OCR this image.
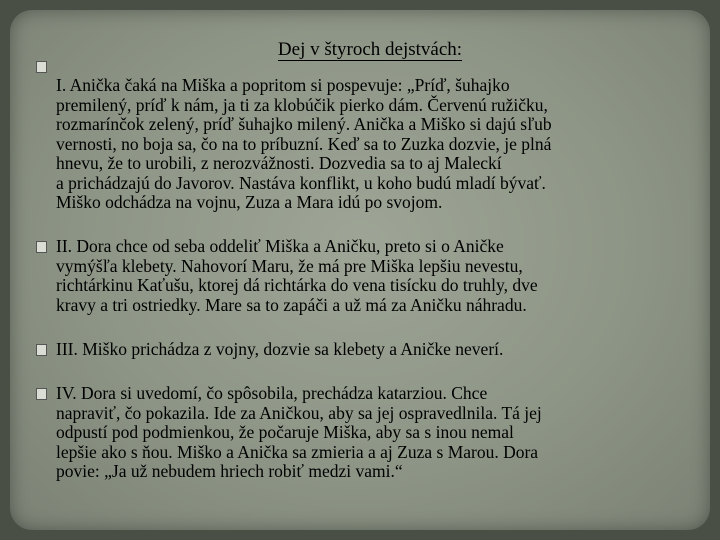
Dej v štyroch dejstvách:
I. Anička čaká na Miška a popritom si pospevuje: „Príď, šuhajko
premilený, príď k nám, ja ti za klobúčik pierko dám. Červenú ružičku,
rozmarínčok zelený, príď šuhajko milený. Anička a Miško si dajú sľub
vernosti, no boja sa, čo na to príbuzní. Keď sa to Zuzka dozvie, je plná
hnevu, že to urobili, z nerozvážnosti. Dozvedia sa to aj Maleckí
a prichádzajú do Javorov. Nastáva konflikt, u koho budú mladí bývať.
Miško odchádza na vojnu, Zuza a Mara idú po svojom.
II. Dora chce od seba oddeliť Miška a Aničku, preto si o Aničke
vymýšľa klebety. Nahovorí Maru, že má pre Miška lepšiu nevestu,
richtárkinu Kaťušu, ktorej dá richtárka do vena tisícku do truhly, dve
kravy a tri ostriedky. Mare sa to zapáči a už má za Aničku náhradu.
III. Miško prichádza z vojny, dozvie sa klebety a Aničke neverí.
IV. Dora si uvedomí, čo spôsobila, prechádza katarziou. Chce
napraviť, čo pokazila. Ide za Aničkou, aby sa jej ospravedlnila. Tá jej
odpustí pod podmienkou, že počaruje Miška, aby sa s inou nemal
lepšie ako s ňou. Miško a Anička sa zmieria a aj Zuza s Marou. Dora
povie: „Ja už nebudem hriech robiť medzi vami.“
